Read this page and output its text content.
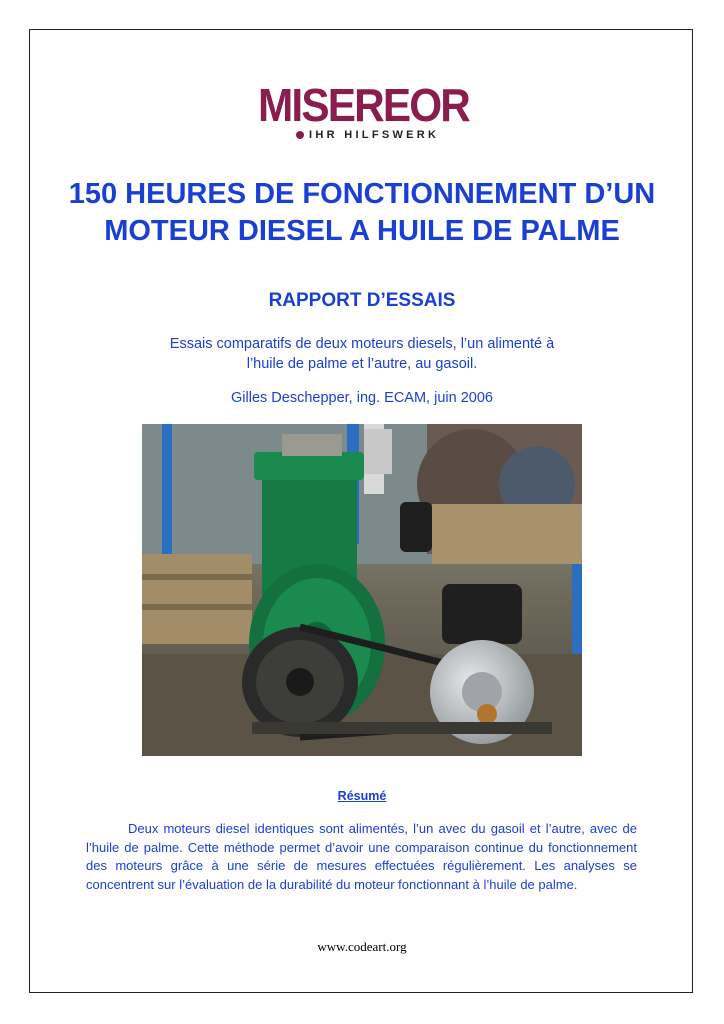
MISEREOR
IHR HILFSWERK
150 HEURES DE FONCTIONNEMENT D’UN MOTEUR DIESEL A HUILE DE PALME
RAPPORT D’ESSAIS

Essais comparatifs de deux moteurs diesels, l’un alimenté à l’huile de palme et l’autre, au gasoil.

Gilles Deschepper, ing. ECAM, juin 2006

Résumé

Deux moteurs diesel identiques sont alimentés, l’un avec du gasoil et l’autre, avec de l’huile de palme. Cette méthode permet d’avoir une comparaison continue du fonctionnement des moteurs grâce à une série de mesures effectuées régulièrement. Les analyses se concentrent sur l’évaluation de la durabilité du moteur fonctionnant à l’huile de palme.

www.codeart.org
